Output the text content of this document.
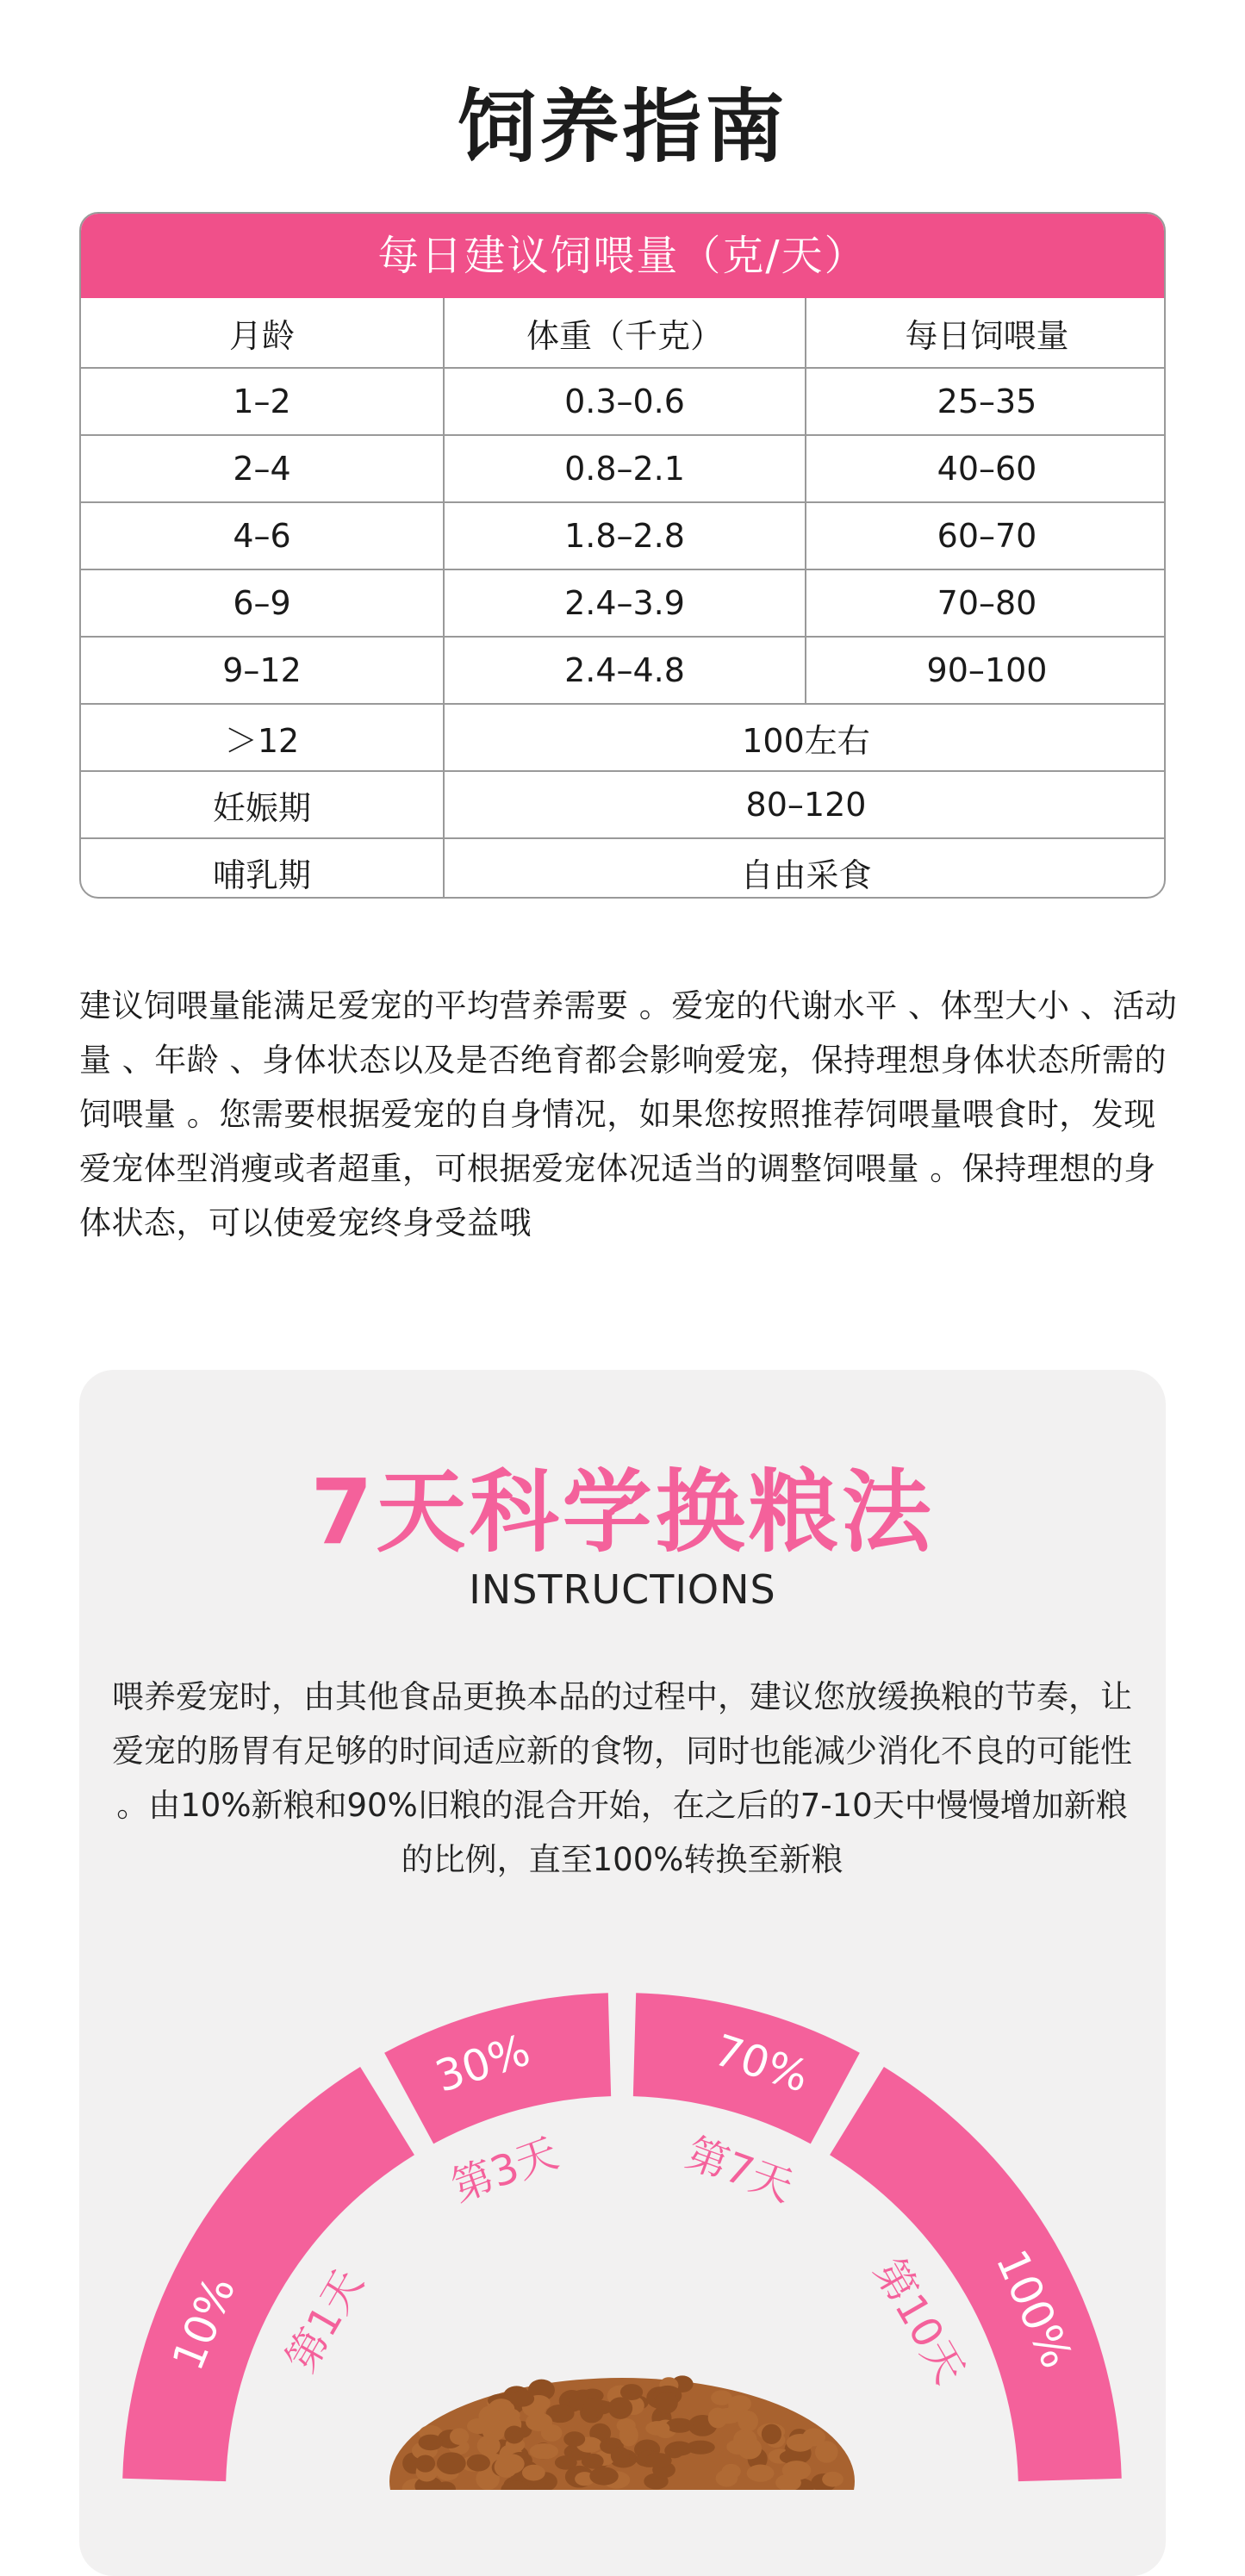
饲养指南
每日建议饲喂量（克/天）
月龄	体重（千克）	每日饲喂量
1–2	0.3–0.6	25–35
2–4	0.8–2.1	40–60
4–6	1.8–2.8	60–70
6–9	2.4–3.9	70–80
9–12	2.4–4.8	90–100
＞12	100左右	
妊娠期	80–120	
哺乳期	自由采食	
建议饲喂量能满足爱宠的平均营养需要 。爱宠的代谢水平 、体型大小 、活动量 、年龄 、身体状态以及是否绝育都会影响爱宠，保持理想身体状态所需的饲喂量 。您需要根据爱宠的自身情况，如果您按照推荐饲喂量喂食时，发现爱宠体型消瘦或者超重，可根据爱宠体况适当的调整饲喂量 。保持理想的身体状态，可以使爱宠终身受益哦
7天科学换粮法
INSTRUCTIONS
喂养爱宠时，由其他食品更换本品的过程中，建议您放缓换粮的节奏，让爱宠的肠胃有足够的时间适应新的食物，同时也能减少消化不良的可能性 。由10%新粮和90%旧粮的混合开始，在之后的7-10天中慢慢增加新粮的比例，直至100%转换至新粮
10% 第1天
30%
第3天
70%
第7天
100%
第10天
